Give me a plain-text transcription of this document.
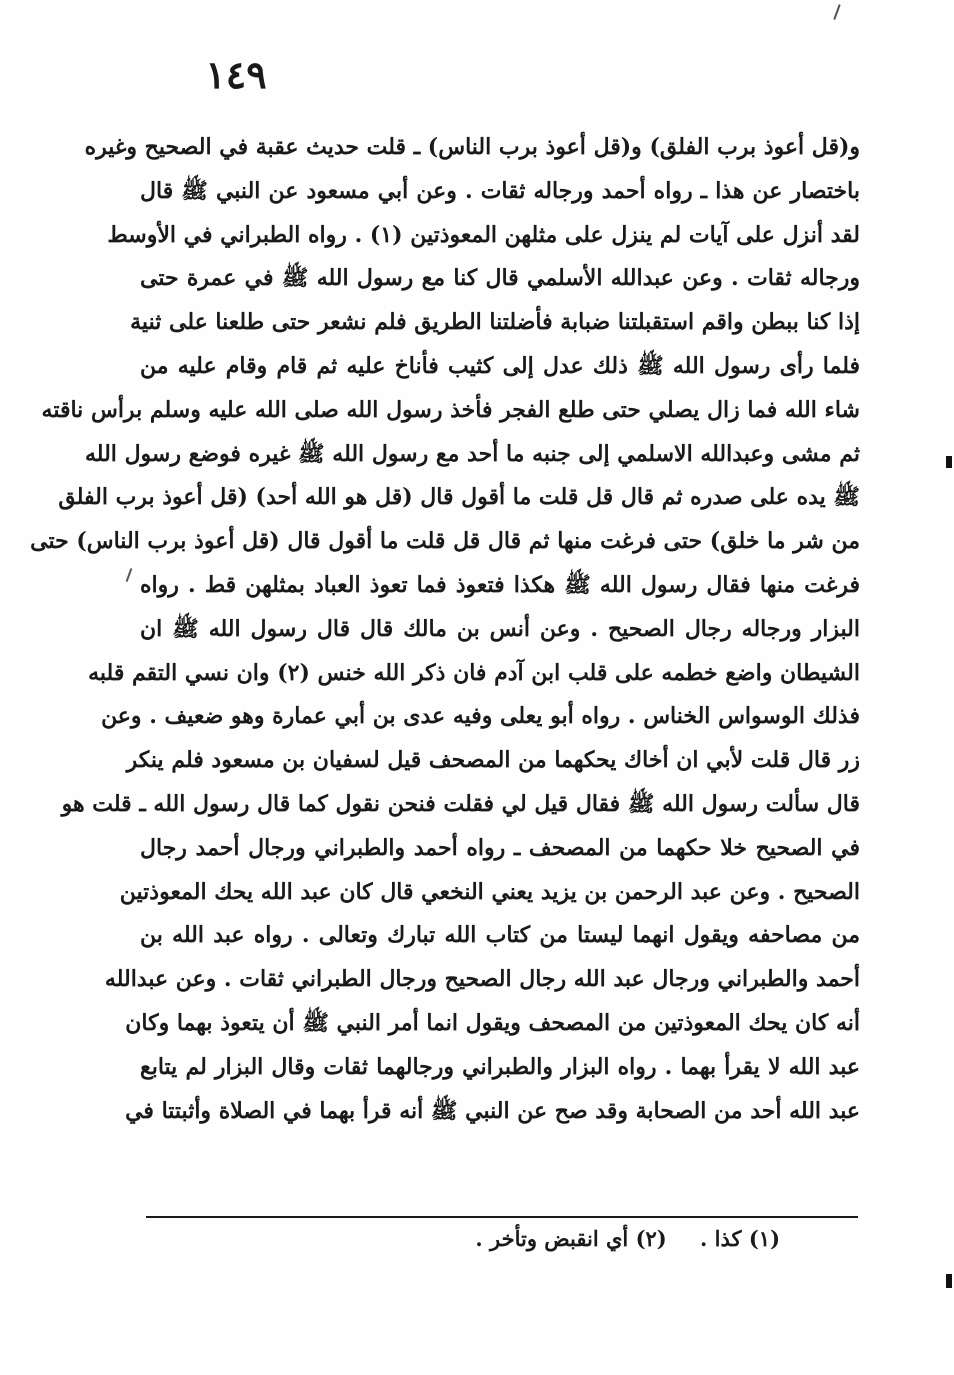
١٤٩
و(قل أعوذ برب الفلق) و(قل أعوذ برب الناس) ـ قلت حديث عقبة في الصحيح وغيره
باختصار عن هذا ـ رواه أحمد ورجاله ثقات . وعن أبي مسعود عن النبي ﷺ قال
لقد أنزل على آيات لم ينزل على مثلهن المعوذتين (١) . رواه الطبراني في الأوسط
ورجاله ثقات . وعن عبدالله الأسلمي قال كنا مع رسول الله ﷺ في عمرة حتى
إذا كنا ببطن واقم استقبلتنا ضبابة فأضلتنا الطريق فلم نشعر حتى طلعنا على ثنية
فلما رأى رسول الله ﷺ ذلك عدل إلى كثيب فأناخ عليه ثم قام وقام عليه من
شاء الله فما زال يصلي حتى طلع الفجر فأخذ رسول الله صلى الله عليه وسلم برأس ناقته
ثم مشى وعبدالله الاسلمي إلى جنبه ما أحد مع رسول الله ﷺ غيره فوضع رسول الله
ﷺ يده على صدره ثم قال قل قلت ما أقول قال (قل هو الله أحد) (قل أعوذ برب الفلق
من شر ما خلق) حتى فرغت منها ثم قال قل قلت ما أقول قال (قل أعوذ برب الناس) حتى
فرغت منها فقال رسول الله ﷺ هكذا فتعوذ فما تعوذ العباد بمثلهن قط . رواه
البزار ورجاله رجال الصحيح . وعن أنس بن مالك قال قال رسول الله ﷺ ان
الشيطان واضع خطمه على قلب ابن آدم فان ذكر الله خنس (٢) وان نسي التقم قلبه
فذلك الوسواس الخناس . رواه أبو يعلى وفيه عدى بن أبي عمارة وهو ضعيف . وعن
زر قال قلت لأبي ان أخاك يحكهما من المصحف قيل لسفيان بن مسعود فلم ينكر
قال سألت رسول الله ﷺ فقال قيل لي فقلت فنحن نقول كما قال رسول الله ـ قلت هو
في الصحيح خلا حكهما من المصحف ـ رواه أحمد والطبراني ورجال أحمد رجال
الصحيح . وعن عبد الرحمن بن يزيد يعني النخعي قال كان عبد الله يحك المعوذتين
من مصاحفه ويقول انهما ليستا من كتاب الله تبارك وتعالى . رواه عبد الله بن
أحمد والطبراني ورجال عبد الله رجال الصحيح ورجال الطبراني ثقات . وعن عبدالله
أنه كان يحك المعوذتين من المصحف ويقول انما أمر النبي ﷺ أن يتعوذ بهما وكان
عبد الله لا يقرأ بهما . رواه البزار والطبراني ورجالهما ثقات وقال البزار لم يتابع
عبد الله أحد من الصحابة وقد صح عن النبي ﷺ أنه قرأ بهما في الصلاة وأثبتتا في
(١) كذا . (٢) أي انقبض وتأخر .
